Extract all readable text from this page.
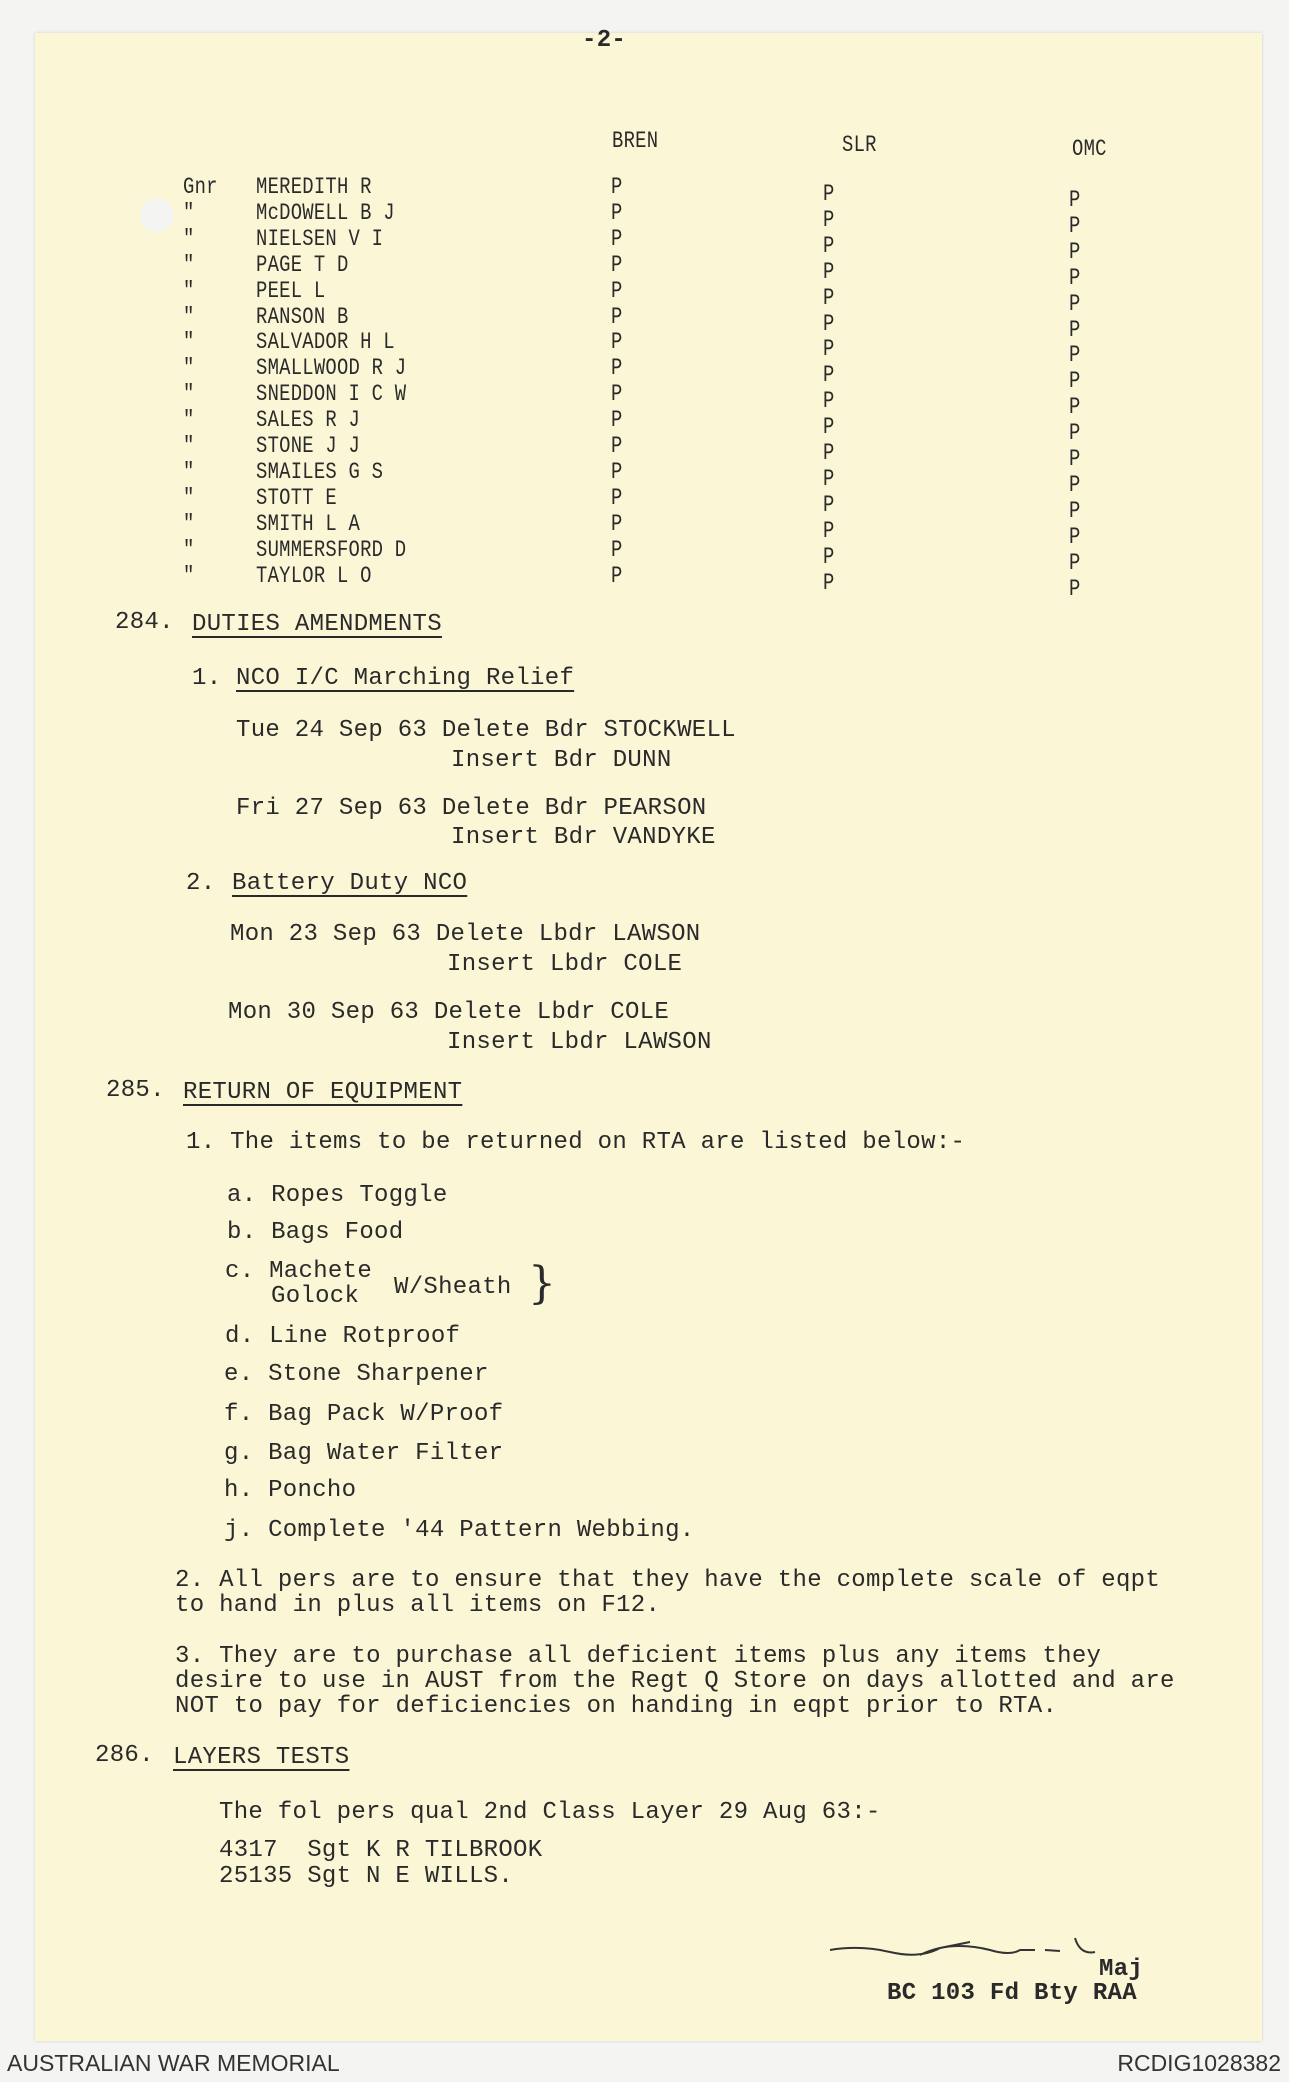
-2-
BREN	SLR	OMC
Gnr MEREDITH R	P	P	P
"	McDOWELL B J	P	P	P
"	NIELSEN V I	P	P	P
"	PAGE T D	P	P	P
"	PEEL L	P	P	P
"	RANSON B	P	P	P
"	SALVADOR H L	P	P	P
"	SMALLWOOD R J	P	P	P
"	SNEDDON I C W	P	P	P
"	SALES R J	P	P	P
"	STONE J J	P	P	P
"	SMAILES G S	P	P	P
"	STOTT E	P	P	P
"	SMITH L A	P	P	P
"	SUMMERSFORD D	P	P	P
"	TAYLOR L O	P	P	P
284. DUTIES AMENDMENTS
1. NCO I/C Marching Relief
Tue 24 Sep 63 Delete Bdr STOCKWELL
Insert Bdr DUNN
Fri 27 Sep 63 Delete Bdr PEARSON
Insert Bdr VANDYKE
2. Battery Duty NCO
Mon 23 Sep 63 Delete Lbdr LAWSON
Insert Lbdr COLE
Mon 30 Sep 63 Delete Lbdr COLE
Insert Lbdr LAWSON
285. RETURN OF EQUIPMENT
1. The items to be returned on RTA are listed below:-
a. Ropes Toggle
b. Bags Food
c. Machete
Golock W/Sheath }
d. Line Rotproof
e. Stone Sharpener
f. Bag Pack W/Proof
g. Bag Water Filter
h. Poncho
j. Complete '44 Pattern Webbing.
2. All pers are to ensure that they have the complete scale of eqpt
to hand in plus all items on F12.
3. They are to purchase all deficient items plus any items they
desire to use in AUST from the Regt Q Store on days allotted and are
NOT to pay for deficiencies on handing in eqpt prior to RTA.
286. LAYERS TESTS
The fol pers qual 2nd Class Layer 29 Aug 63:-
4317  Sgt K R TILBROOK
25135 Sgt N E WILLS.
Maj
BC 103 Fd Bty RAA
AUSTRALIAN WAR MEMORIAL	RCDIG1028382
